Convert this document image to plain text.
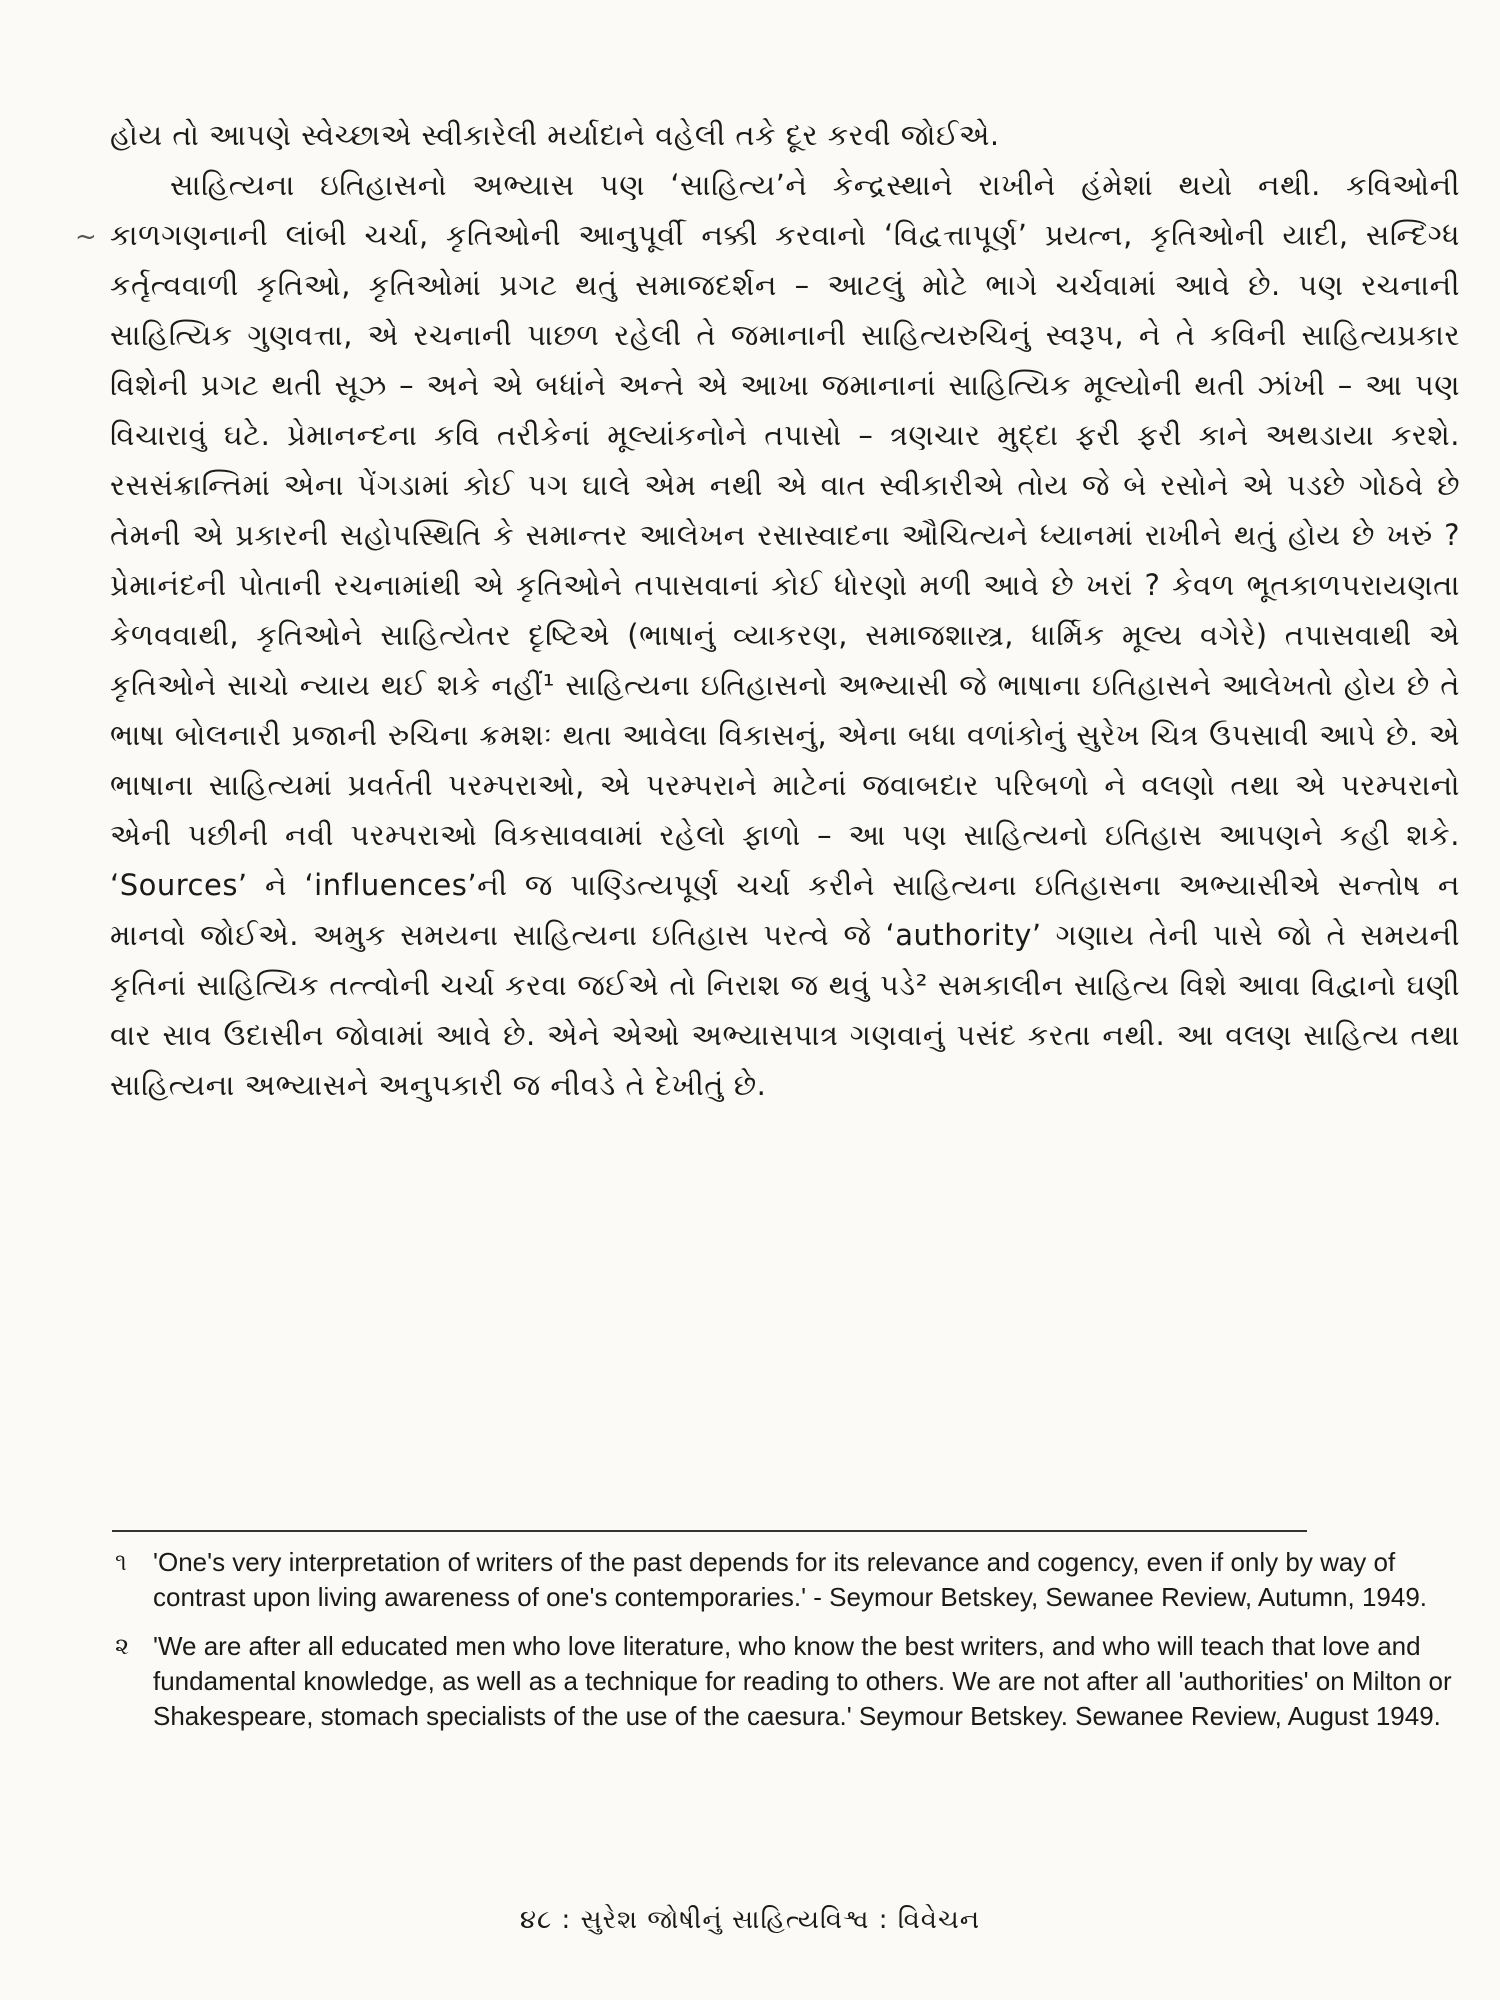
~

હોય તો આપણે સ્વેચ્છાએ સ્વીકારેલી મર્યાદાને વહેલી તકે દૂર કરવી જોઈએ.

સાહિત્યના ઇતિહાસનો અભ્યાસ પણ ‘સાહિત્ય’ને કેન્દ્રસ્થાને રાખીને હંમેશાં થયો નથી. કવિઓની કાળગણનાની લાંબી ચર્ચા, કૃતિઓની આનુપૂર્વી નક્કી કરવાનો ‘વિદ્વત્તાપૂર્ણ’ પ્રયત્ન, કૃતિઓની યાદી, સન્દિગ્ધ કર્તૃત્વવાળી કૃતિઓ, કૃતિઓમાં પ્રગટ થતું સમાજદર્શન – આટલું મોટે ભાગે ચર્ચવામાં આવે છે. પણ રચનાની સાહિત્યિક ગુણવત્તા, એ રચનાની પાછળ રહેલી તે જમાનાની સાહિત્યરુચિનું સ્વરૂપ, ને તે કવિની સાહિત્યપ્રકાર વિશેની પ્રગટ થતી સૂઝ – અને એ બધાંને અન્તે એ આખા જમાનાનાં સાહિત્યિક મૂલ્યોની થતી ઝાંખી – આ પણ વિચારાવું ઘટે. પ્રેમાનન્દના કવિ તરીકેનાં મૂલ્યાંકનોને તપાસો – ત્રણચાર મુદ્દા ફરી ફરી કાને અથડાયા કરશે. રસસંક્રાન્તિમાં એના પેંગડામાં કોઈ પગ ઘાલે એમ નથી એ વાત સ્વીકારીએ તોય જે બે રસોને એ પડછે ગોઠવે છે તેમની એ પ્રકારની સહોપસ્થિતિ કે સમાન્તર આલેખન રસાસ્વાદના ઔચિત્યને ધ્યાનમાં રાખીને થતું હોય છે ખરું ? પ્રેમાનંદની પોતાની રચનામાંથી એ કૃતિઓને તપાસવાનાં કોઈ ધોરણો મળી આવે છે ખરાં ? કેવળ ભૂતકાળપરાયણતા કેળવવાથી, કૃતિઓને સાહિત્યેતર દૃષ્ટિએ (ભાષાનું વ્યાકરણ, સમાજશાસ્ત્ર, ધાર્મિક મૂલ્ય વગેરે) તપાસવાથી એ કૃતિઓને સાચો ન્યાય થઈ શકે નહીં¹ સાહિત્યના ઇતિહાસનો અભ્યાસી જે ભાષાના ઇતિહાસને આલેખતો હોય છે તે ભાષા બોલનારી પ્રજાની રુચિના ક્રમશઃ થતા આવેલા વિકાસનું, એના બધા વળાંકોનું સુરેખ ચિત્ર ઉપસાવી આપે છે. એ ભાષાના સાહિત્યમાં પ્રવર્તતી પરમ્પરાઓ, એ પરમ્પરાને માટેનાં જવાબદાર પરિબળો ને વલણો તથા એ પરમ્પરાનો એની પછીની નવી પરમ્પરાઓ વિકસાવવામાં રહેલો ફાળો – આ પણ સાહિત્યનો ઇતિહાસ આપણને કહી શકે. ‘Sources’ ને ‘influences’ની જ પાણ્ડિત્યપૂર્ણ ચર્ચા કરીને સાહિત્યના ઇતિહાસના અભ્યાસીએ સન્તોષ ન માનવો જોઈએ. અમુક સમયના સાહિત્યના ઇતિહાસ પરત્વે જે ‘authority’ ગણાય તેની પાસે જો તે સમયની કૃતિનાં સાહિત્યિક તત્ત્વોની ચર્ચા કરવા જઈએ તો નિરાશ જ થવું પડે² સમકાલીન સાહિત્ય વિશે આવા વિદ્વાનો ઘણી વાર સાવ ઉદાસીન જોવામાં આવે છે. એને એઓ અભ્યાસપાત્ર ગણવાનું પસંદ કરતા નથી. આ વલણ સાહિત્ય તથા સાહિત્યના અભ્યાસને અનુપકારી જ નીવડે તે દેખીતું છે.

૧ 'One's very interpretation of writers of the past depends for its relevance and cogency, even if only by way of contrast upon living awareness of one's contemporaries.' - Seymour Betskey, Sewanee Review, Autumn, 1949.
૨ 'We are after all educated men who love literature, who know the best writers, and who will teach that love and fundamental knowledge, as well as a technique for reading to others. We are not after all 'authorities' on Milton or Shakespeare, stomach specialists of the use of the caesura.' Seymour Betskey. Sewanee Review, August 1949.
૪૮ : સુરેશ જોષીનું સાહિત્યવિશ્વ : વિવેચન
